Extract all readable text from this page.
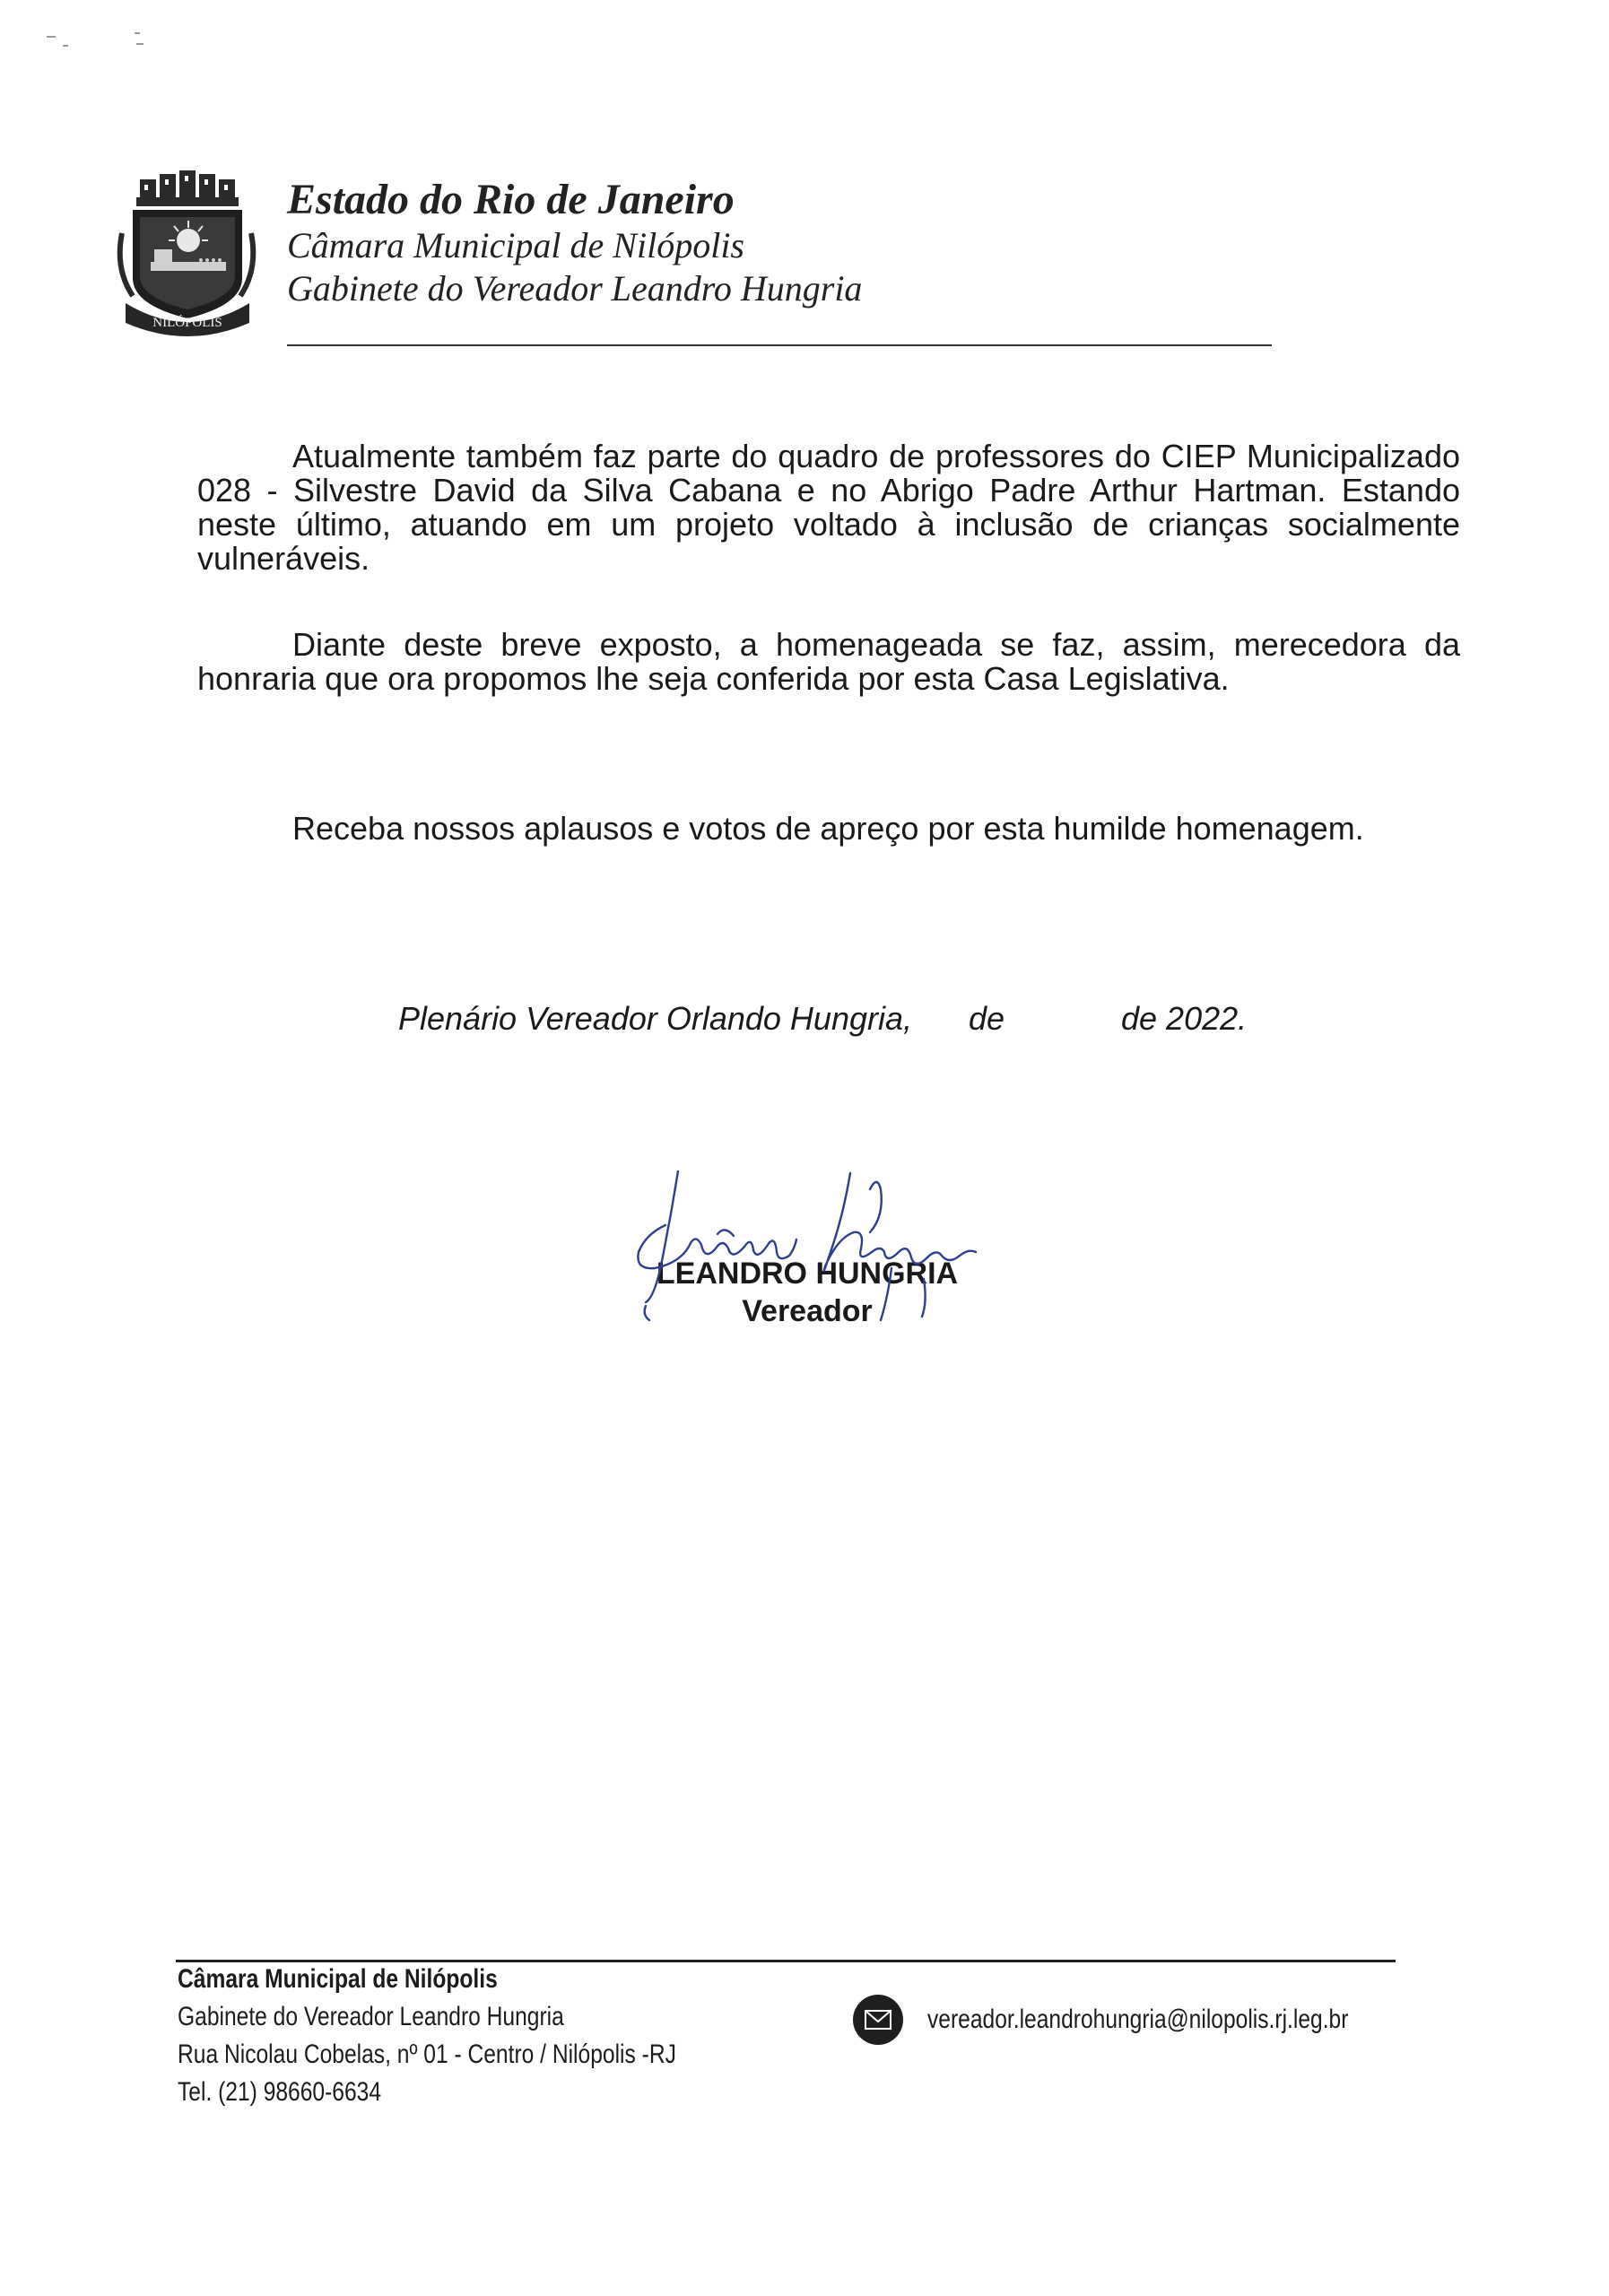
NILÓPOLIS

Estado do Rio de Janeiro

Câmara Municipal de Nilópolis

Gabinete do Vereador Leandro Hungria

Atualmente também faz parte do quadro de professores do CIEP Municipalizado 028 - Silvestre David da Silva Cabana e no Abrigo Padre Arthur Hartman. Estando neste último, atuando em um projeto voltado à inclusão de crianças socialmente vulneráveis.

Diante deste breve exposto, a homenageada se faz, assim, merecedora da honraria que ora propomos lhe seja conferida por esta Casa Legislativa.

Receba nossos aplausos e votos de apreço por esta humilde homenagem.

Plenário Vereador Orlando Hungria, de	de 2022.

LEANDRO HUNGRIA

Vereador

Câmara Municipal de Nilópolis

Gabinete do Vereador Leandro Hungria

Rua Nicolau Cobelas, nº 01 - Centro / Nilópolis -RJ

Tel. (21) 98660-6634

vereador.leandrohungria@nilopolis.rj.leg.br
